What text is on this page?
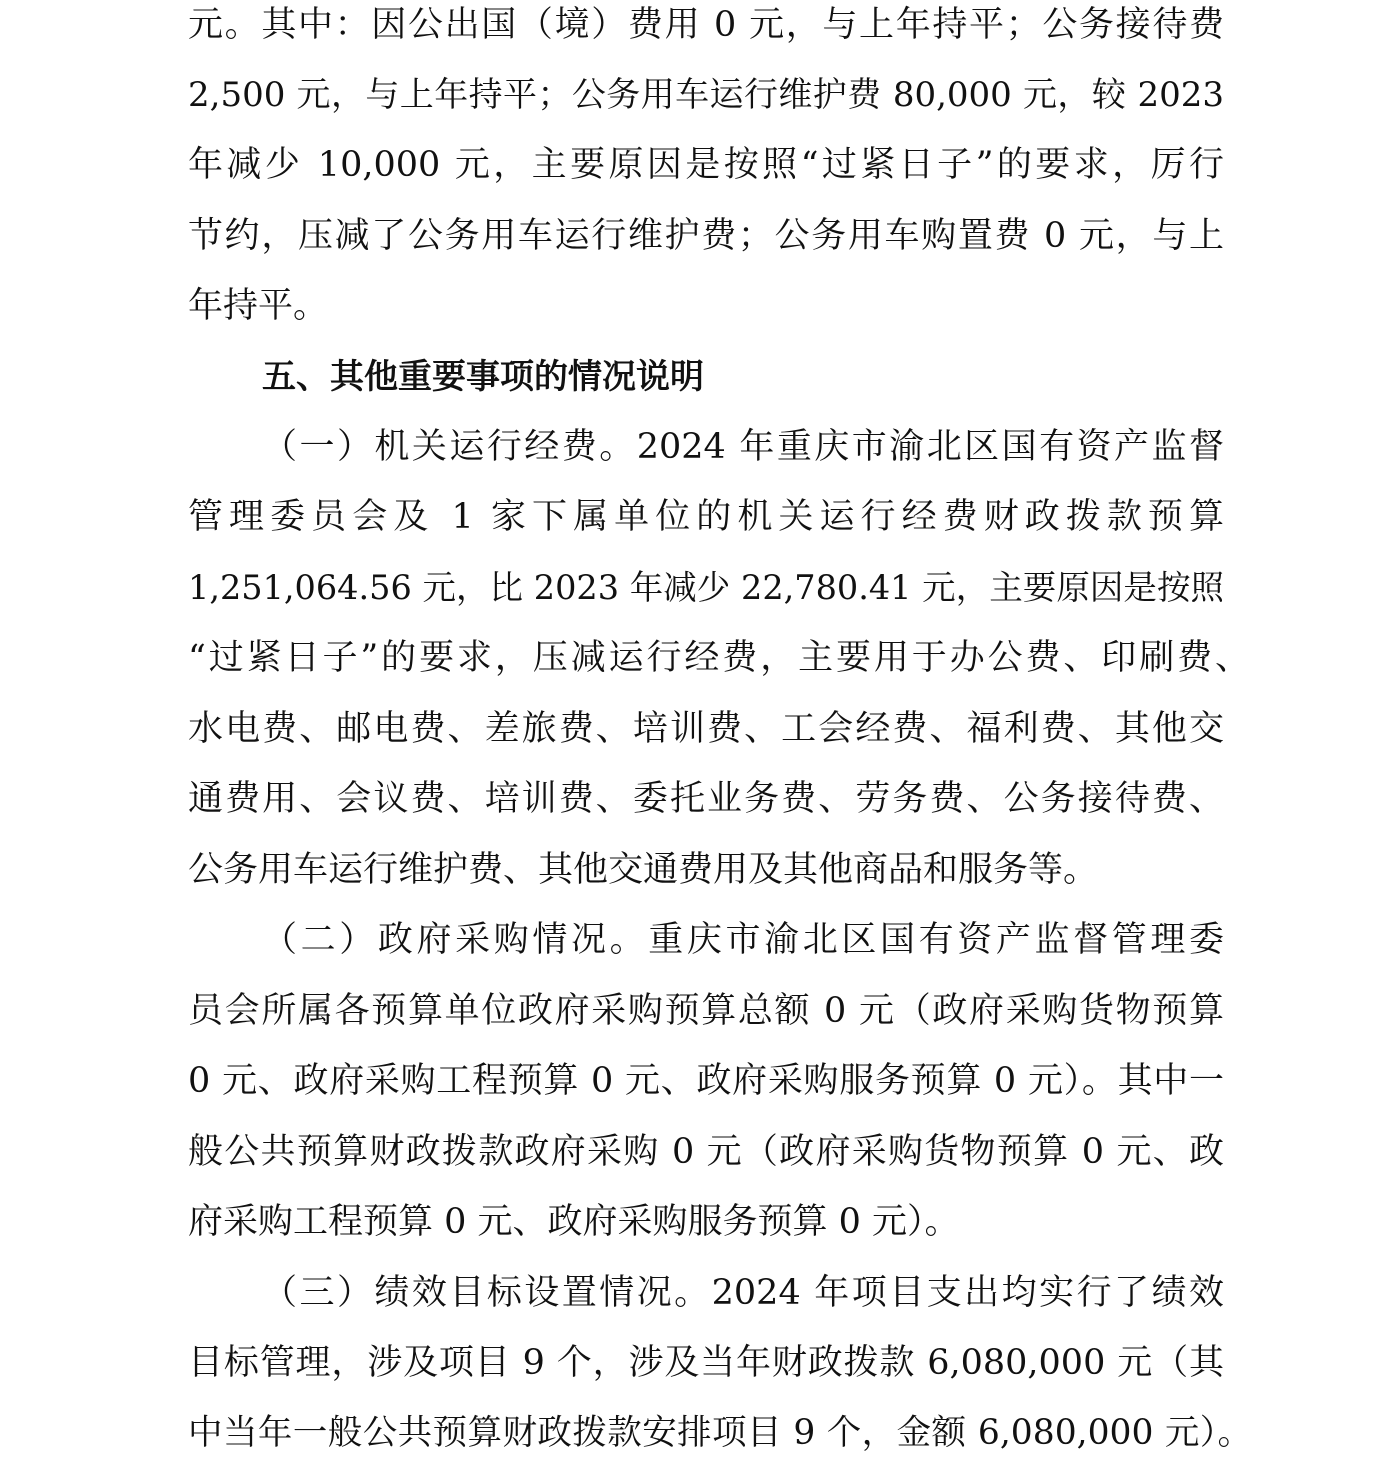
元。其中：因公出国（境）费用 0 元，与上年持平；公务接待费
2,500 元，与上年持平；公务用车运行维护费 80,000 元，较 2023
年减少 10,000 元，主要原因是按照“过紧日子”的要求，厉行
节约，压减了公务用车运行维护费；公务用车购置费 0 元，与上
年持平。
五、其他重要事项的情况说明
（一）机关运行经费。2024 年重庆市渝北区国有资产监督
管理委员会及 1 家下属单位的机关运行经费财政拨款预算
1,251,064.56 元，比 2023 年减少 22,780.41 元，主要原因是按照
“过紧日子”的要求，压减运行经费，主要用于办公费、印刷费、
水电费、邮电费、差旅费、培训费、工会经费、福利费、其他交
通费用、会议费、培训费、委托业务费、劳务费、公务接待费、
公务用车运行维护费、其他交通费用及其他商品和服务等。
（二）政府采购情况。重庆市渝北区国有资产监督管理委
员会所属各预算单位政府采购预算总额 0 元（政府采购货物预算
0 元、政府采购工程预算 0 元、政府采购服务预算 0 元）。其中一
般公共预算财政拨款政府采购 0 元（政府采购货物预算 0 元、政
府采购工程预算 0 元、政府采购服务预算 0 元）。
（三）绩效目标设置情况。2024 年项目支出均实行了绩效
目标管理，涉及项目 9 个，涉及当年财政拨款 6,080,000 元（其
中当年一般公共预算财政拨款安排项目 9 个，金额 6,080,000 元）。
